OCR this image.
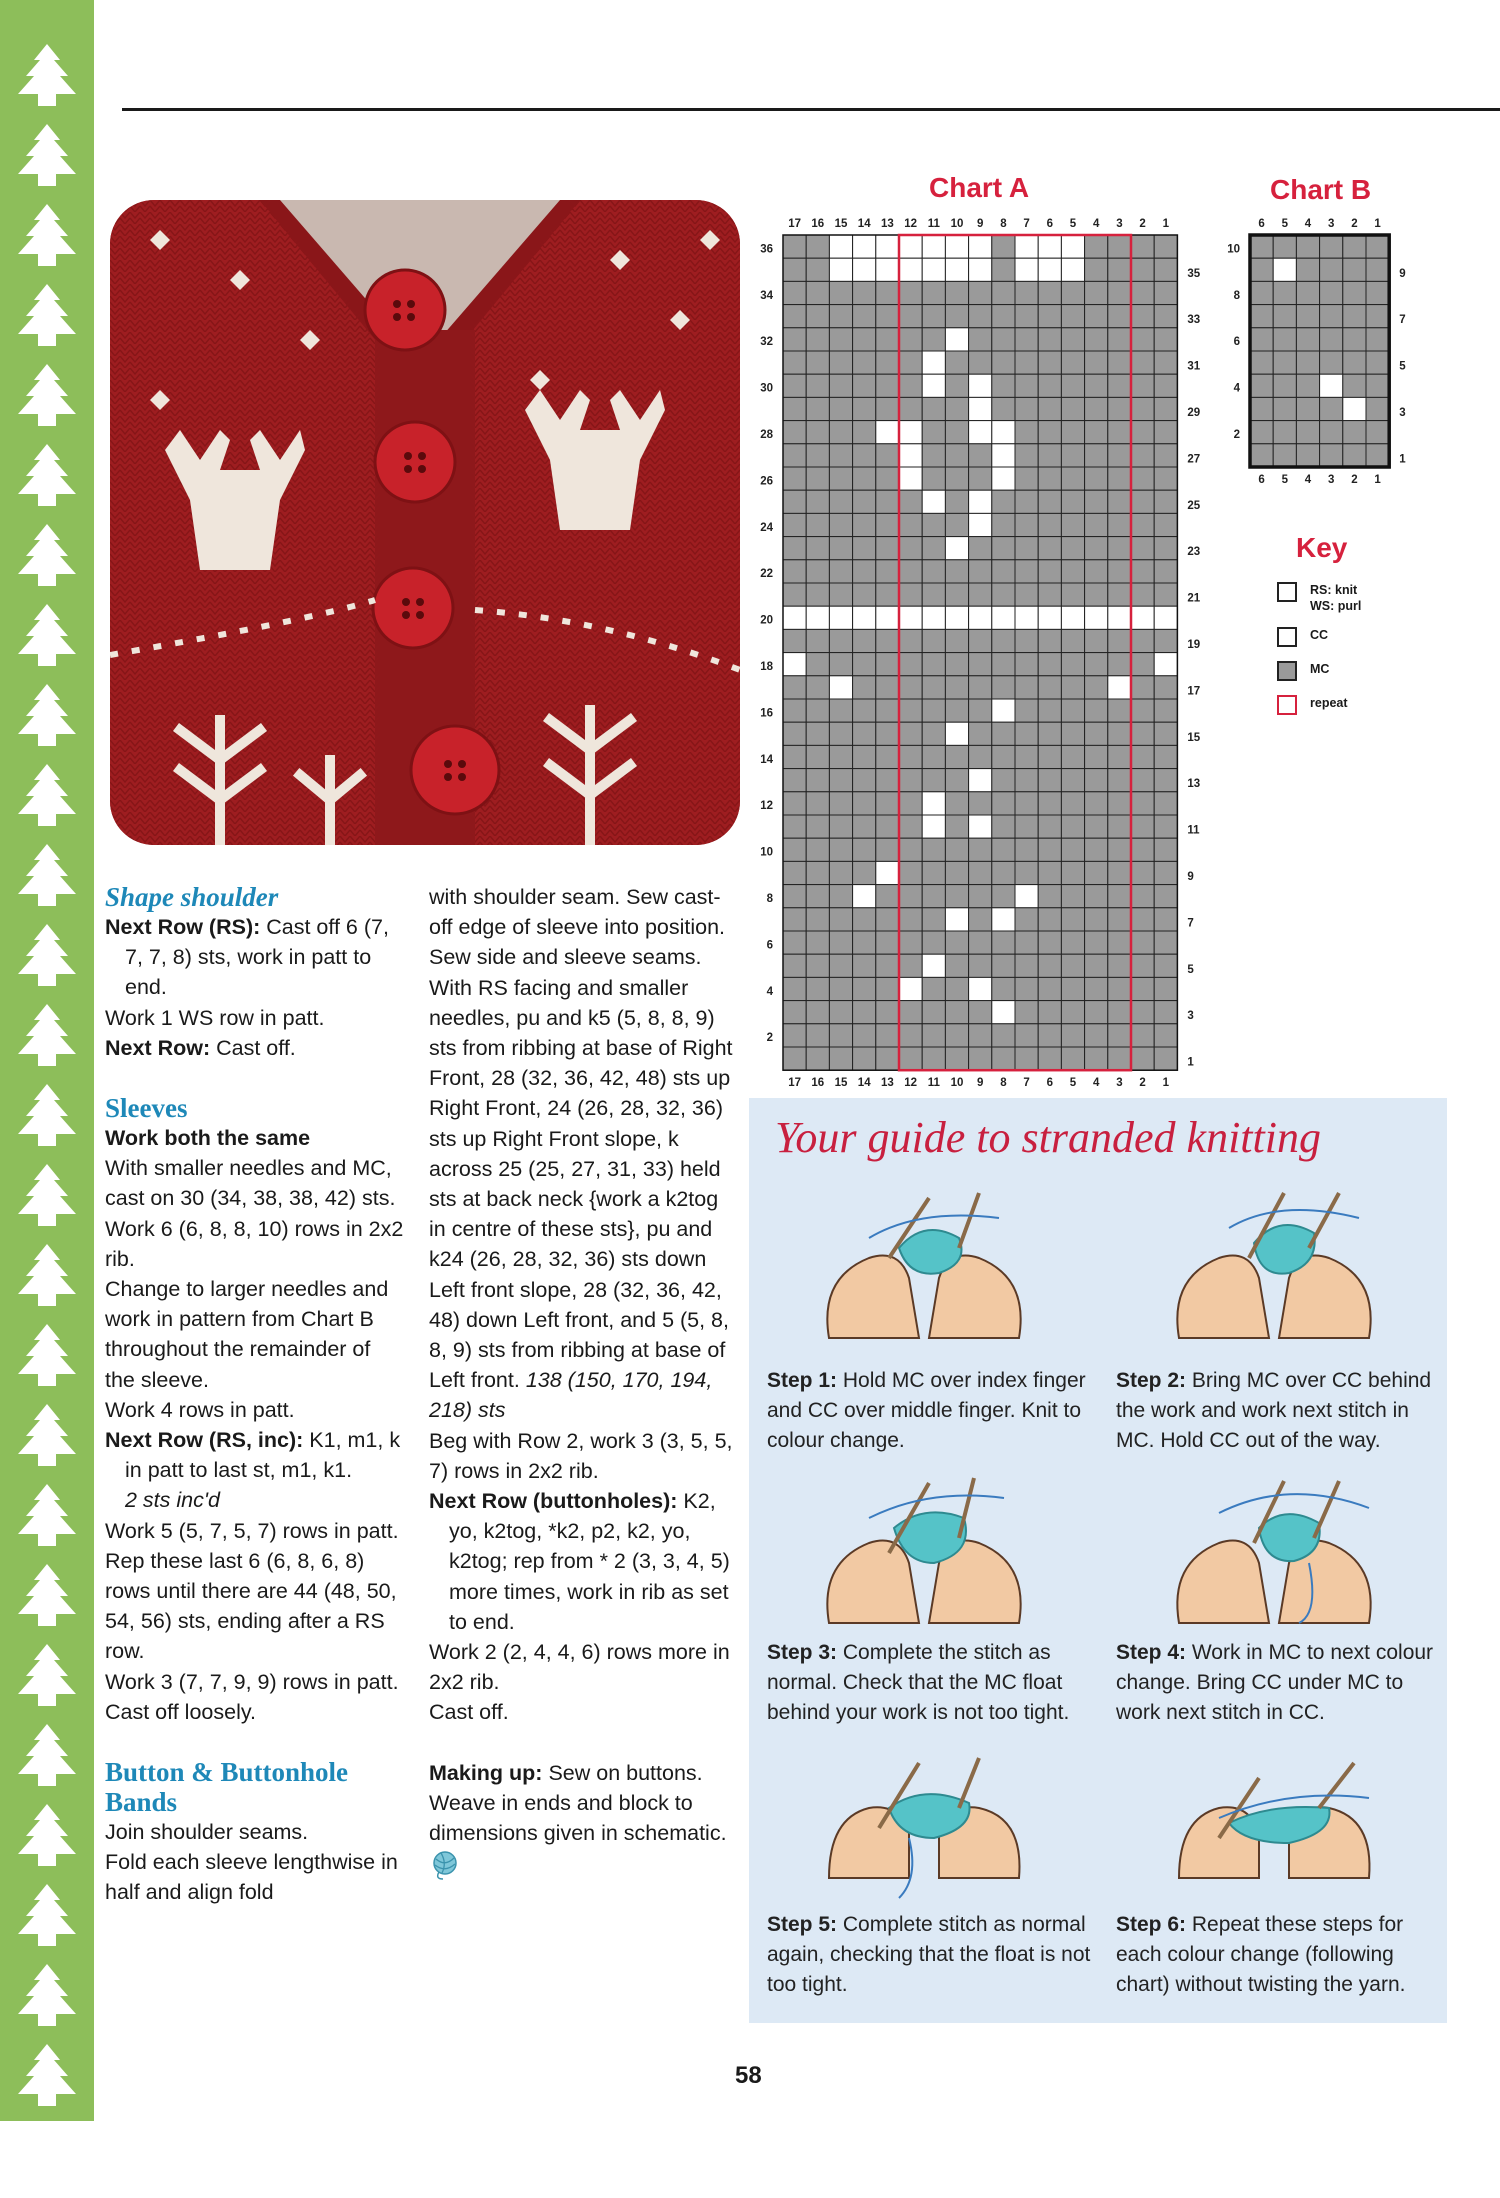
Shape shoulder

Next Row (RS): Cast off 6 (7, 7, 7, 8) sts, work in patt to end.

Work 1 WS row in patt.

Next Row: Cast off.

Sleeves

Work both the same

With smaller needles and MC, cast on 30 (34, 38, 38, 42) sts.

Work 6 (6, 8, 8, 10) rows in 2x2 rib.

Change to larger needles and work in pattern from Chart B throughout the remainder of the sleeve.

Work 4 rows in patt.

Next Row (RS, inc): K1, m1, k in patt to last st, m1, k1.
2 sts inc'd

Work 5 (5, 7, 5, 7) rows in patt.

Rep these last 6 (6, 8, 6, 8) rows until there are 44 (48, 50, 54, 56) sts, ending after a RS row.

Work 3 (7, 7, 9, 9) rows in patt.

Cast off loosely.

Button & Buttonhole Bands

Join shoulder seams.

Fold each sleeve lengthwise in half and align fold

with shoulder seam. Sew cast-off edge of sleeve into position. Sew side and sleeve seams.

With RS facing and smaller needles, pu and k5 (5, 8, 8, 9) sts from ribbing at base of Right Front, 28 (32, 36, 42, 48) sts up Right Front, 24 (26, 28, 32, 36) sts up Right Front slope, k across 25 (25, 27, 31, 33) held sts at back neck {work a k2tog in centre of these sts}, pu and k24 (26, 28, 32, 36) sts down Left front slope, 28 (32, 36, 42, 48) down Left front, and 5 (5, 8, 8, 9) sts from ribbing at base of Left front. 138 (150, 170, 194, 218) sts

Beg with Row 2, work 3 (3, 5, 5, 7) rows in 2x2 rib.

Next Row (buttonholes): K2, yo, k2tog, *k2, p2, k2, yo, k2tog; rep from * 2 (3, 3, 4, 5) more times, work in rib as set to end.

Work 2 (2, 4, 4, 6) rows more in 2x2 rib.

Cast off.

Making up: Sew on buttons. Weave in ends and block to dimensions given in schematic.

Chart A
17
17
16
16
15
15
14
14
13
13
12
12
11
11
10
10
9
9
8
8
7
7
6
6
5
5
4
4
3
3
2
2
1
1
36
34
32
30
28
26
24
22
20
18
16
14
12
10
8
6
4
2
35
33
31
29
27
25
23
21
19
17
15
13
11
9
7
5
3
1
Chart B
6
6
5
5
4
4
3
3
2
2
1
1
10
8
6
4
2
9
7
5
3
1
Key
RS: knit
WS: purl
CC
MC
repeat
Your guide to stranded knitting
Step 1: Hold MC over index finger and CC over middle finger. Knit to colour change.
Step 2: Bring MC over CC behind the work and work next stitch in MC. Hold CC out of the way.
Step 3: Complete the stitch as normal. Check that the MC float behind your work is not too tight.
Step 4: Work in MC to next colour change. Bring CC under MC to work next stitch in CC.
Step 5: Complete stitch as normal again, checking that the float is not too tight.
Step 6: Repeat these steps for each colour change (following chart) without twisting the yarn.
58
